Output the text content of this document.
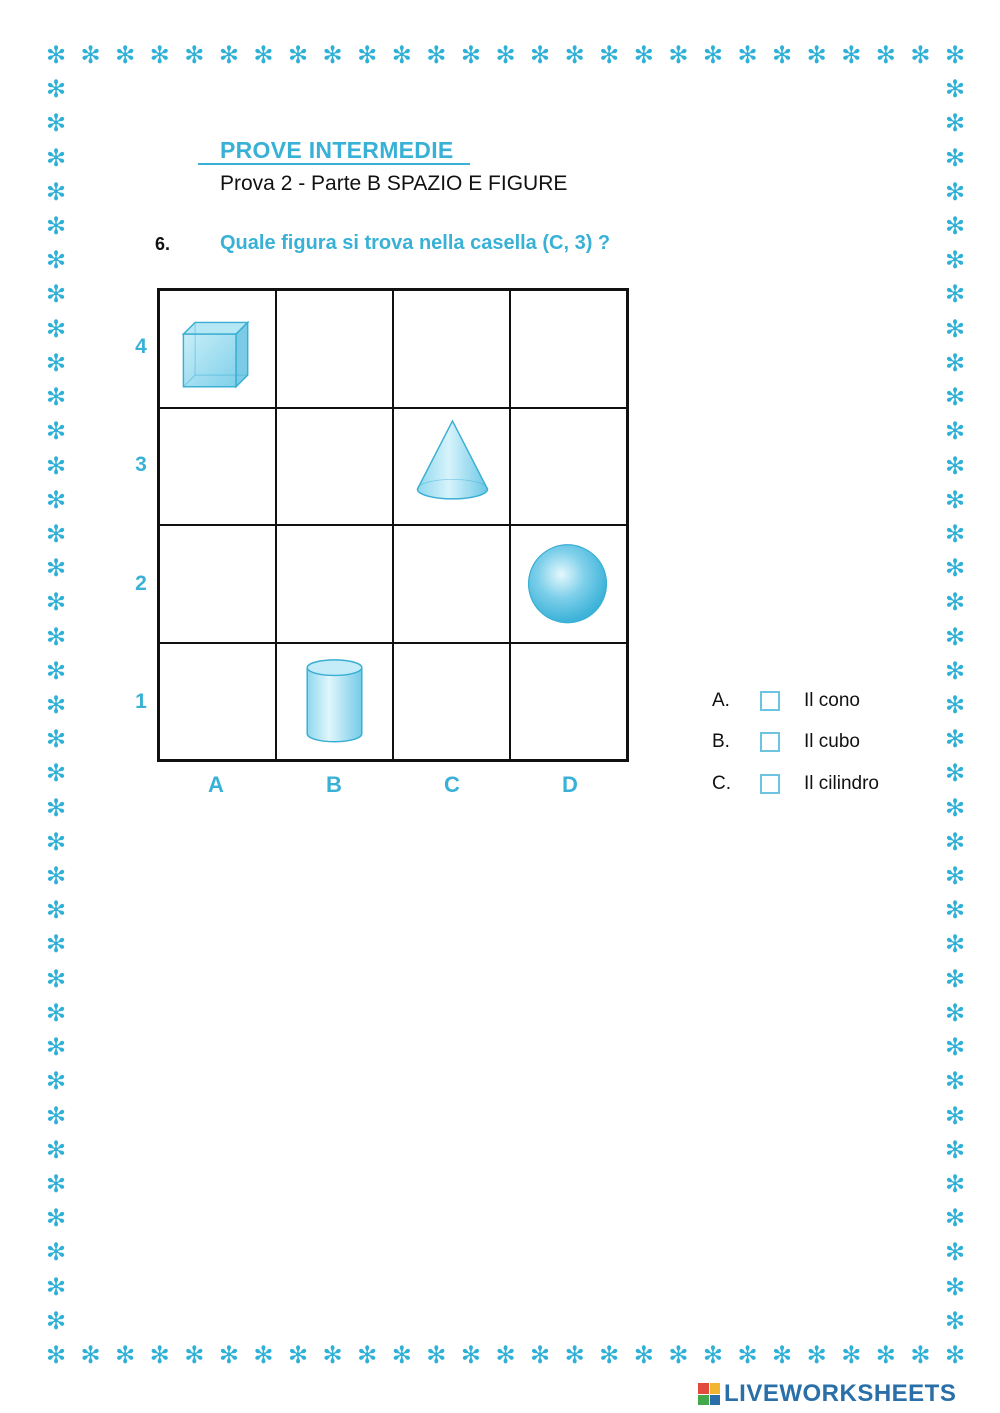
✻
✻
✻
✻
✻
✻
✻
✻
✻
✻
✻
✻
✻
✻
✻
✻
✻
✻
✻
✻
✻
✻
✻
✻
✻
✻
✻
✻
✻
✻
✻
✻
✻
✻
✻
✻
✻
✻
✻
✻
✻
✻
✻
✻
✻
✻
✻
✻
✻
✻
✻
✻
✻
✻
✻	✻
✻	✻
✻	✻
✻	✻
✻	✻
✻	✻
✻	✻
✻	✻
✻	✻
✻	✻
✻	✻
✻	✻
✻	✻
✻	✻
✻	✻
✻	✻
✻	✻
✻	✻
✻	✻
✻	✻
✻	✻
✻	✻
✻	✻
✻	✻
✻	✻
✻	✻
✻	✻
✻	✻
✻	✻
✻	✻
✻	✻
✻	✻
✻	✻
✻	✻
✻	✻
✻	✻
✻	✻
PROVE INTERMEDIE
Prova 2 - Parte B SPAZIO E FIGURE
6. Quale figura si trova nella casella (C, 3) ?
4
3
2
1
A	B	C	D
A.	Il cono
B.	Il cubo
C.	Il cilindro
LIVEWORKSHEETS
